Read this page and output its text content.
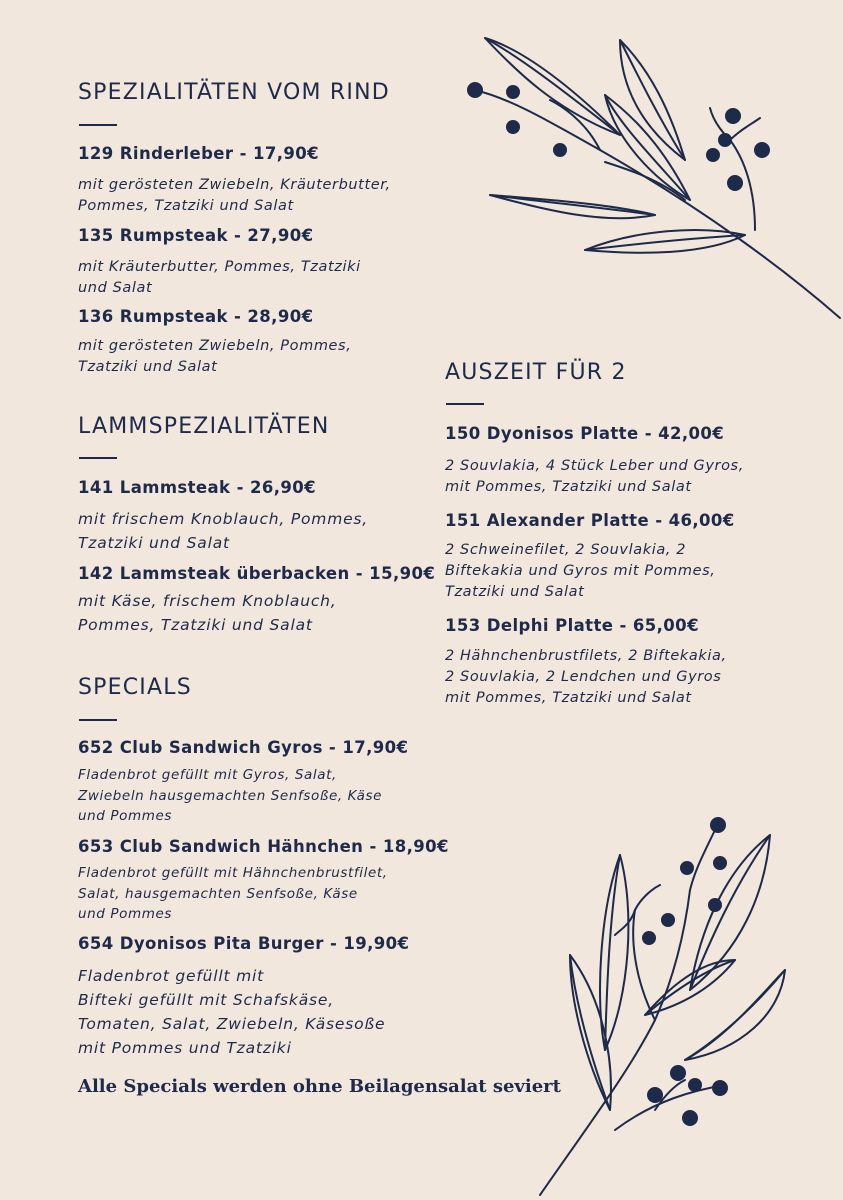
SPEZIALITÄTEN VOM RIND
129 Rinderleber - 17,90€
mit gerösteten Zwiebeln, Kräuterbutter,
Pommes, Tzatziki und Salat
135 Rumpsteak - 27,90€
mit Kräuterbutter, Pommes, Tzatziki
und Salat
136 Rumpsteak - 28,90€
mit gerösteten Zwiebeln, Pommes,
Tzatziki und Salat
LAMMSPEZIALITÄTEN
141 Lammsteak - 26,90€
mit frischem Knoblauch, Pommes,
Tzatziki und Salat
142 Lammsteak überbacken - 15,90€
mit Käse, frischem Knoblauch,
Pommes, Tzatziki und Salat
SPECIALS
652 Club Sandwich Gyros - 17,90€
Fladenbrot gefüllt mit Gyros, Salat,
Zwiebeln hausgemachten Senfsoße, Käse
und Pommes
653 Club Sandwich Hähnchen - 18,90€
Fladenbrot gefüllt mit Hähnchenbrustfilet,
Salat, hausgemachten Senfsoße, Käse
und Pommes
654 Dyonisos Pita Burger - 19,90€
Fladenbrot gefüllt mit
Bifteki gefüllt mit Schafskäse,
Tomaten, Salat, Zwiebeln, Käsesoße
mit Pommes und Tzatziki
Alle Specials werden ohne Beilagensalat seviert
AUSZEIT FÜR 2
150 Dyonisos Platte - 42,00€
2 Souvlakia, 4 Stück Leber und Gyros,
mit Pommes, Tzatziki und Salat
151 Alexander Platte - 46,00€
2 Schweinefilet, 2 Souvlakia, 2
Biftekakia und Gyros mit Pommes,
Tzatziki und Salat
153 Delphi Platte - 65,00€
2 Hähnchenbrustfilets, 2 Biftekakia,
2 Souvlakia, 2 Lendchen und Gyros
mit Pommes, Tzatziki und Salat
